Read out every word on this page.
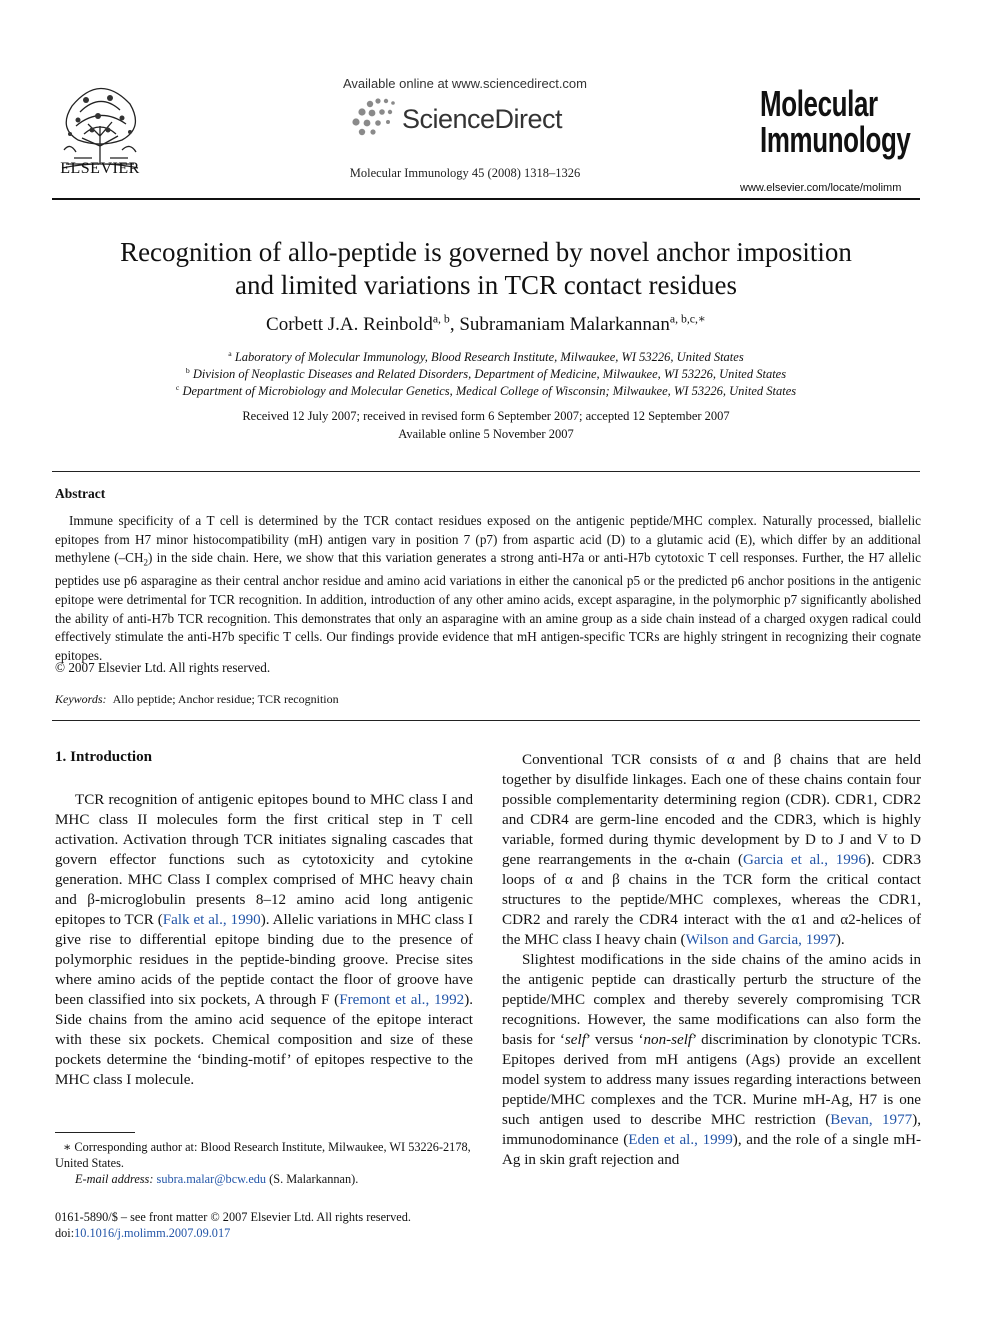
ELSEVIER
Available online at www.sciencedirect.com
ScienceDirect
Molecular Immunology 45 (2008) 1318–1326
Molecular
Immunology
www.elsevier.com/locate/molimm
Recognition of allo-peptide is governed by novel anchor imposition
and limited variations in TCR contact residues
Corbett J.A. Reinbold$^{a, b}$, Subramaniam Malarkannan$^{a, b,c,∗}$
$^a$ Laboratory of Molecular Immunology, Blood Research Institute, Milwaukee, WI 53226, United States
$^b$ Division of Neoplastic Diseases and Related Disorders, Department of Medicine, Milwaukee, WI 53226, United States
$^c$ Department of Microbiology and Molecular Genetics, Medical College of Wisconsin; Milwaukee, WI 53226, United States
Received 12 July 2007; received in revised form 6 September 2007; accepted 12 September 2007
Available online 5 November 2007
Abstract
Immune specificity of a T cell is determined by the TCR contact residues exposed on the antigenic peptide/MHC complex. Naturally processed, biallelic epitopes from H7 minor histocompatibility (mH) antigen vary in position 7 (p7) from aspartic acid (D) to a glutamic acid (E), which differ by an additional methylene $(-CH_2)$ in the side chain. Here, we show that this variation generates a strong anti-H7a or anti-H7b cytotoxic T cell responses. Further, the H7 allelic peptides use p6 asparagine as their central anchor residue and amino acid variations in either the canonical p5 or the predicted p6 anchor positions in the antigenic epitope were detrimental for TCR recognition. In addition, introduction of any other amino acids, except asparagine, in the polymorphic p7 significantly abolished the ability of anti-H7b TCR recognition. This demonstrates that only an asparagine with an amine group as a side chain instead of a charged oxygen radical could effectively stimulate the anti-H7b specific T cells. Our findings provide evidence that mH antigen-specific TCRs are highly stringent in recognizing their cognate epitopes.
© 2007 Elsevier Ltd. All rights reserved.
Keywords: Allo peptide; Anchor residue; TCR recognition
1. Introduction

TCR recognition of antigenic epitopes bound to MHC class I and MHC class II molecules form the first critical step in T cell activation. Activation through TCR initiates signaling cascades that govern effector functions such as cytotoxicity and cytokine generation. MHC Class I complex comprised of MHC heavy chain and β-microglobulin presents 8–12 amino acid long antigenic epitopes to TCR (Falk et al., 1990). Allelic variations in MHC class I give rise to differential epitope binding due to the presence of polymorphic residues in the peptide-binding groove. Precise sites where amino acids of the peptide contact the floor of groove have been classified into six pockets, A through F (Fremont et al., 1992). Side chains from the amino acid sequence of the epitope interact with these six pockets. Chemical composition and size of these pockets determine the ‘binding-motif’ of epitopes respective to the MHC class I molecule.

Conventional TCR consists of α and β chains that are held together by disulfide linkages. Each one of these chains contain four possible complementarity determining region (CDR). CDR1, CDR2 and CDR4 are germ-line encoded and the CDR3, which is highly variable, formed during thymic development by D to J and V to D gene rearrangements in the α-chain (Garcia et al., 1996). CDR3 loops of α and β chains in the TCR form the critical contact structures to the peptide/MHC complexes, whereas the CDR1, CDR2 and rarely the CDR4 interact with the α1 and α2-helices of the MHC class I heavy chain (Wilson and Garcia, 1997).

Slightest modifications in the side chains of the amino acids in the antigenic peptide can drastically perturb the structure of the peptide/MHC complex and thereby severely compromising TCR recognitions. However, the same modifications can also form the basis for ‘self’ versus ‘non-self’ discrimination by clonotypic TCRs. Epitopes derived from mH antigens (Ags) provide an excellent model system to address many issues regarding interactions between peptide/MHC complexes and the TCR. Murine mH-Ag, H7 is one such antigen used to describe MHC restriction (Bevan, 1977), immunodominance (Eden et al., 1999), and the role of a single mH-Ag in skin graft rejection and

∗ Corresponding author at: Blood Research Institute, Milwaukee, WI 53226-2178, United States.
E-mail address: subra.malar@bcw.edu (S. Malarkannan).
0161-5890/$ – see front matter © 2007 Elsevier Ltd. All rights reserved.
doi:10.1016/j.molimm.2007.09.017
